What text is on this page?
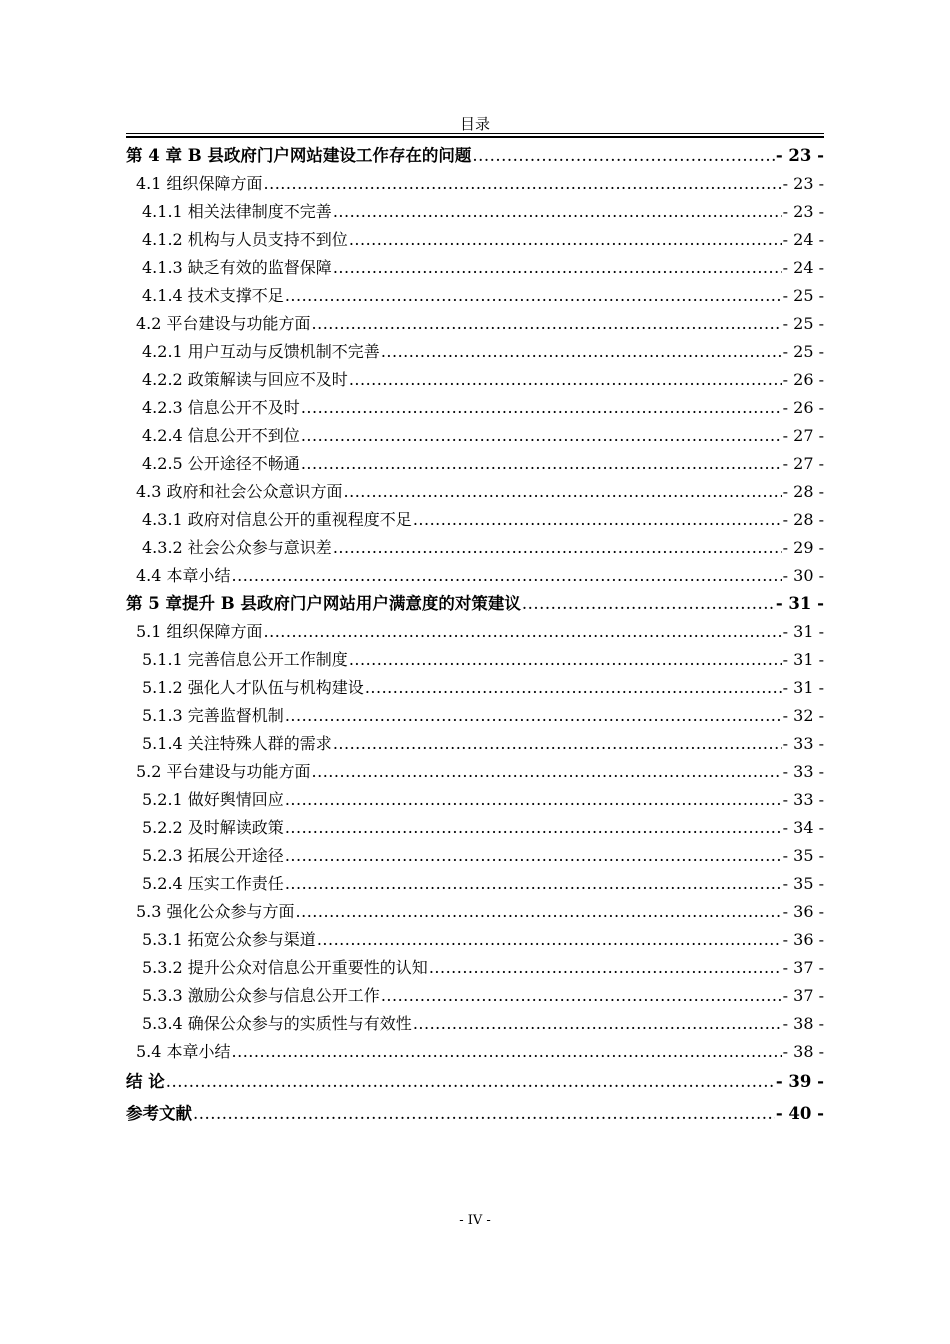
目录
第 4 章 B 县政府门户网站建设工作存在的问题 .....	- 23 -
4.1 组织保障方面 .....	- 23 -
4.1.1 相关法律制度不完善 .....	- 23 -
4.1.2 机构与人员支持不到位 .....	- 24 -
4.1.3 缺乏有效的监督保障 .....	- 24 -
4.1.4 技术支撑不足 .....	- 25 -
4.2 平台建设与功能方面 .....	- 25 -
4.2.1 用户互动与反馈机制不完善 .....	- 25 -
4.2.2 政策解读与回应不及时 .....	- 26 -
4.2.3 信息公开不及时 .....	- 26 -
4.2.4 信息公开不到位 .....	- 27 -
4.2.5 公开途径不畅通 .....	- 27 -
4.3 政府和社会公众意识方面 .....	- 28 -
4.3.1 政府对信息公开的重视程度不足 .....	- 28 -
4.3.2 社会公众参与意识差 .....	- 29 -
4.4 本章小结 .....	- 30 -
第 5 章提升 B 县政府门户网站用户满意度的对策建议 .....	- 31 -
5.1 组织保障方面 .....	- 31 -
5.1.1 完善信息公开工作制度 .....	- 31 -
5.1.2 强化人才队伍与机构建设 .....	- 31 -
5.1.3 完善监督机制 .....	- 32 -
5.1.4 关注特殊人群的需求 .....	- 33 -
5.2 平台建设与功能方面 .....	- 33 -
5.2.1 做好舆情回应 .....	- 33 -
5.2.2 及时解读政策 .....	- 34 -
5.2.3 拓展公开途径 .....	- 35 -
5.2.4 压实工作责任 .....	- 35 -
5.3 强化公众参与方面 .....	- 36 -
5.3.1 拓宽公众参与渠道 .....	- 36 -
5.3.2 提升公众对信息公开重要性的认知 .....	- 37 -
5.3.3 激励公众参与信息公开工作 .....	- 37 -
5.3.4 确保公众参与的实质性与有效性 .....	- 38 -
5.4 本章小结 .....	- 38 -
结 论 .....	- 39 -
参考文献 .....	- 40 -
- IV -
